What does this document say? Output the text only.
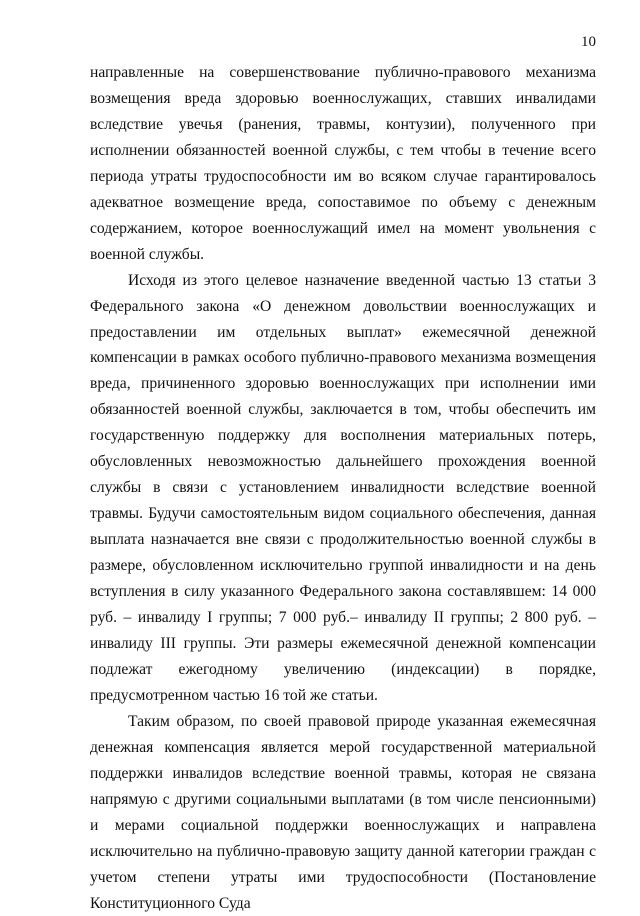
10

направленные на совершенствование публично-правового механизма возмещения вреда здоровью военнослужащих, ставших инвалидами вследствие увечья (ранения, травмы, контузии), полученного при исполнении обязанностей военной службы, с тем чтобы в течение всего периода утраты трудоспособности им во всяком случае гарантировалось адекватное возмещение вреда, сопоставимое по объему с денежным содержанием, которое военнослужащий имел на момент увольнения с военной службы.

Исходя из этого целевое назначение введенной частью 13 статьи 3 Федерального закона «О денежном довольствии военнослужащих и предоставлении им отдельных выплат» ежемесячной денежной компенсации в рамках особого публично-правового механизма возмещения вреда, причиненного здоровью военнослужащих при исполнении ими обязанностей военной службы, заключается в том, чтобы обеспечить им государственную поддержку для восполнения материальных потерь, обусловленных невозможностью дальнейшего прохождения военной службы в связи с установлением инвалидности вследствие военной травмы. Будучи самостоятельным видом социального обеспечения, данная выплата назначается вне связи с продолжительностью военной службы в размере, обусловленном исключительно группой инвалидности и на день вступления в силу указанного Федерального закона составлявшем: 14 000 руб. – инвалиду I группы; 7 000 руб.– инвалиду II группы; 2 800 руб. – инвалиду III группы. Эти размеры ежемесячной денежной компенсации подлежат ежегодному увеличению (индексации) в порядке, предусмотренном частью 16 той же статьи.

Таким образом, по своей правовой природе указанная ежемесячная денежная компенсация является мерой государственной материальной поддержки инвалидов вследствие военной травмы, которая не связана напрямую с другими социальными выплатами (в том числе пенсионными) и мерами социальной поддержки военнослужащих и направлена исключительно на публично-правовую защиту данной категории граждан с учетом степени утраты ими трудоспособности (Постановление Конституционного Суда
